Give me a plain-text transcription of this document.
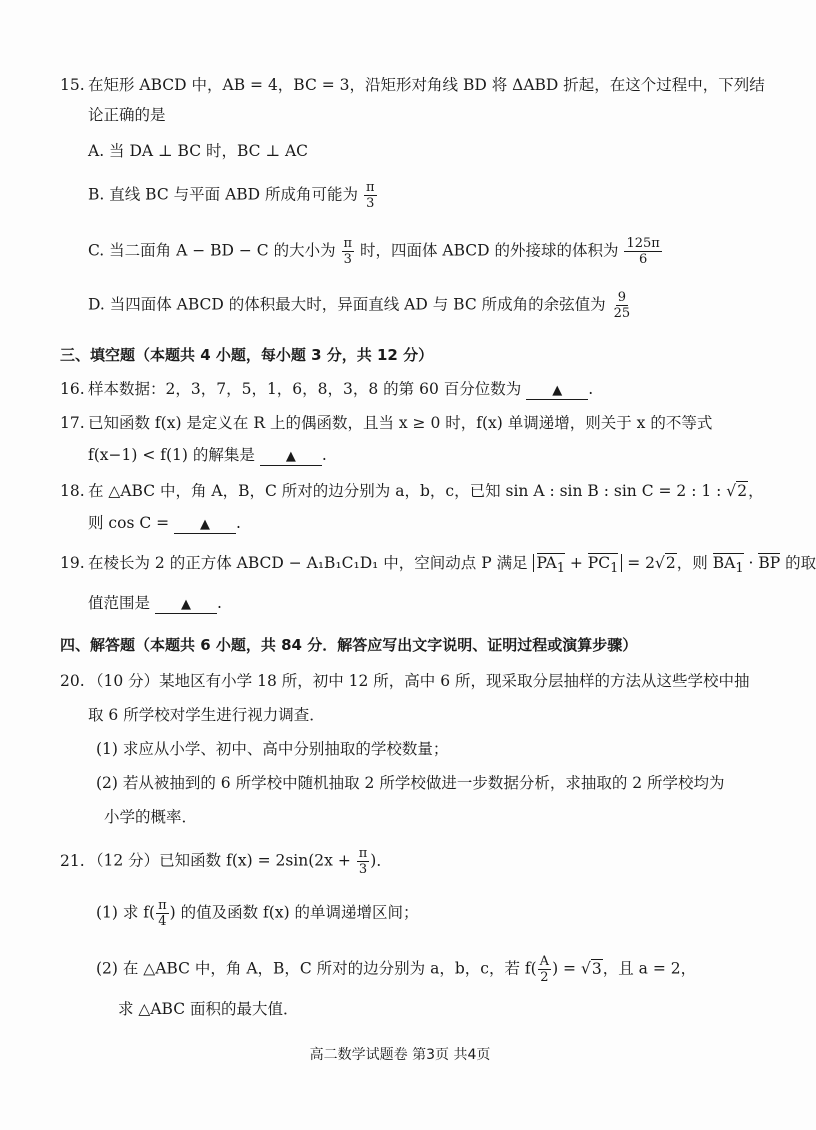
15. 在矩形 ABCD 中，AB = 4，BC = 3，沿矩形对角线 BD 将 ΔABD 折起，在这个过程中，下列结
论正确的是
A. 当 DA ⊥ BC 时，BC ⊥ AC
B. 直线 BC 与平面 ABD 所成角可能为 $\frac{\pi}{3}$
C. 当二面角 A − BD − C 的大小为 $\frac{\pi}{3}$ 时，四面体 ABCD 的外接球的体积为 $\frac{125\pi}{6}$
D. 当四面体 ABCD 的体积最大时，异面直线 AD 与 BC 所成角的余弦值为 $\frac{9}{25}$
三、填空题（本题共 4 小题，每小题 3 分，共 12 分）
16. 样本数据：2，3，7，5，1，6，8，3，8 的第 60 百分位数为 ▲ .
17. 已知函数 f(x) 是定义在 R 上的偶函数，且当 x ≥ 0 时，f(x) 单调递增，则关于 x 的不等式
f(x−1) < f(1) 的解集是 ▲ .
18. 在 △ABC 中，角 A，B，C 所对的边分别为 a，b，c，已知 sin A : sin B : sin C = 2 : 1 : √2，
则 cos C = ▲ .
19. 在棱长为 2 的正方体 ABCD − A₁B₁C₁D₁ 中，空间动点 P 满足 $PA_1 + PC_1 = 2√2$，则 $BA_1$ · BP 的取
值范围是 ▲ .
四、解答题（本题共 6 小题，共 84 分．解答应写出文字说明、证明过程或演算步骤）
20. （10 分）某地区有小学 18 所，初中 12 所，高中 6 所，现采取分层抽样的方法从这些学校中抽
取 6 所学校对学生进行视力调查．
(1) 求应从小学、初中、高中分别抽取的学校数量；
(2) 若从被抽到的 6 所学校中随机抽取 2 所学校做进一步数据分析，求抽取的 2 所学校均为
小学的概率．
21. （12 分）已知函数 $f(x) = 2\sin(2x + \frac{\pi}{3}$ )．
(1) 求 $f( \frac{\pi}{4}$ ) 的值及函数 f(x) 的单调递增区间；
(2) 在 △ABC 中，角 A，B，C 所对的边分别为 a，b，c，若 $f( \frac{A}{2}$ ) = √3，且 a = 2，
求 △ABC 面积的最大值．
高二数学试题卷 第3页 共4页
